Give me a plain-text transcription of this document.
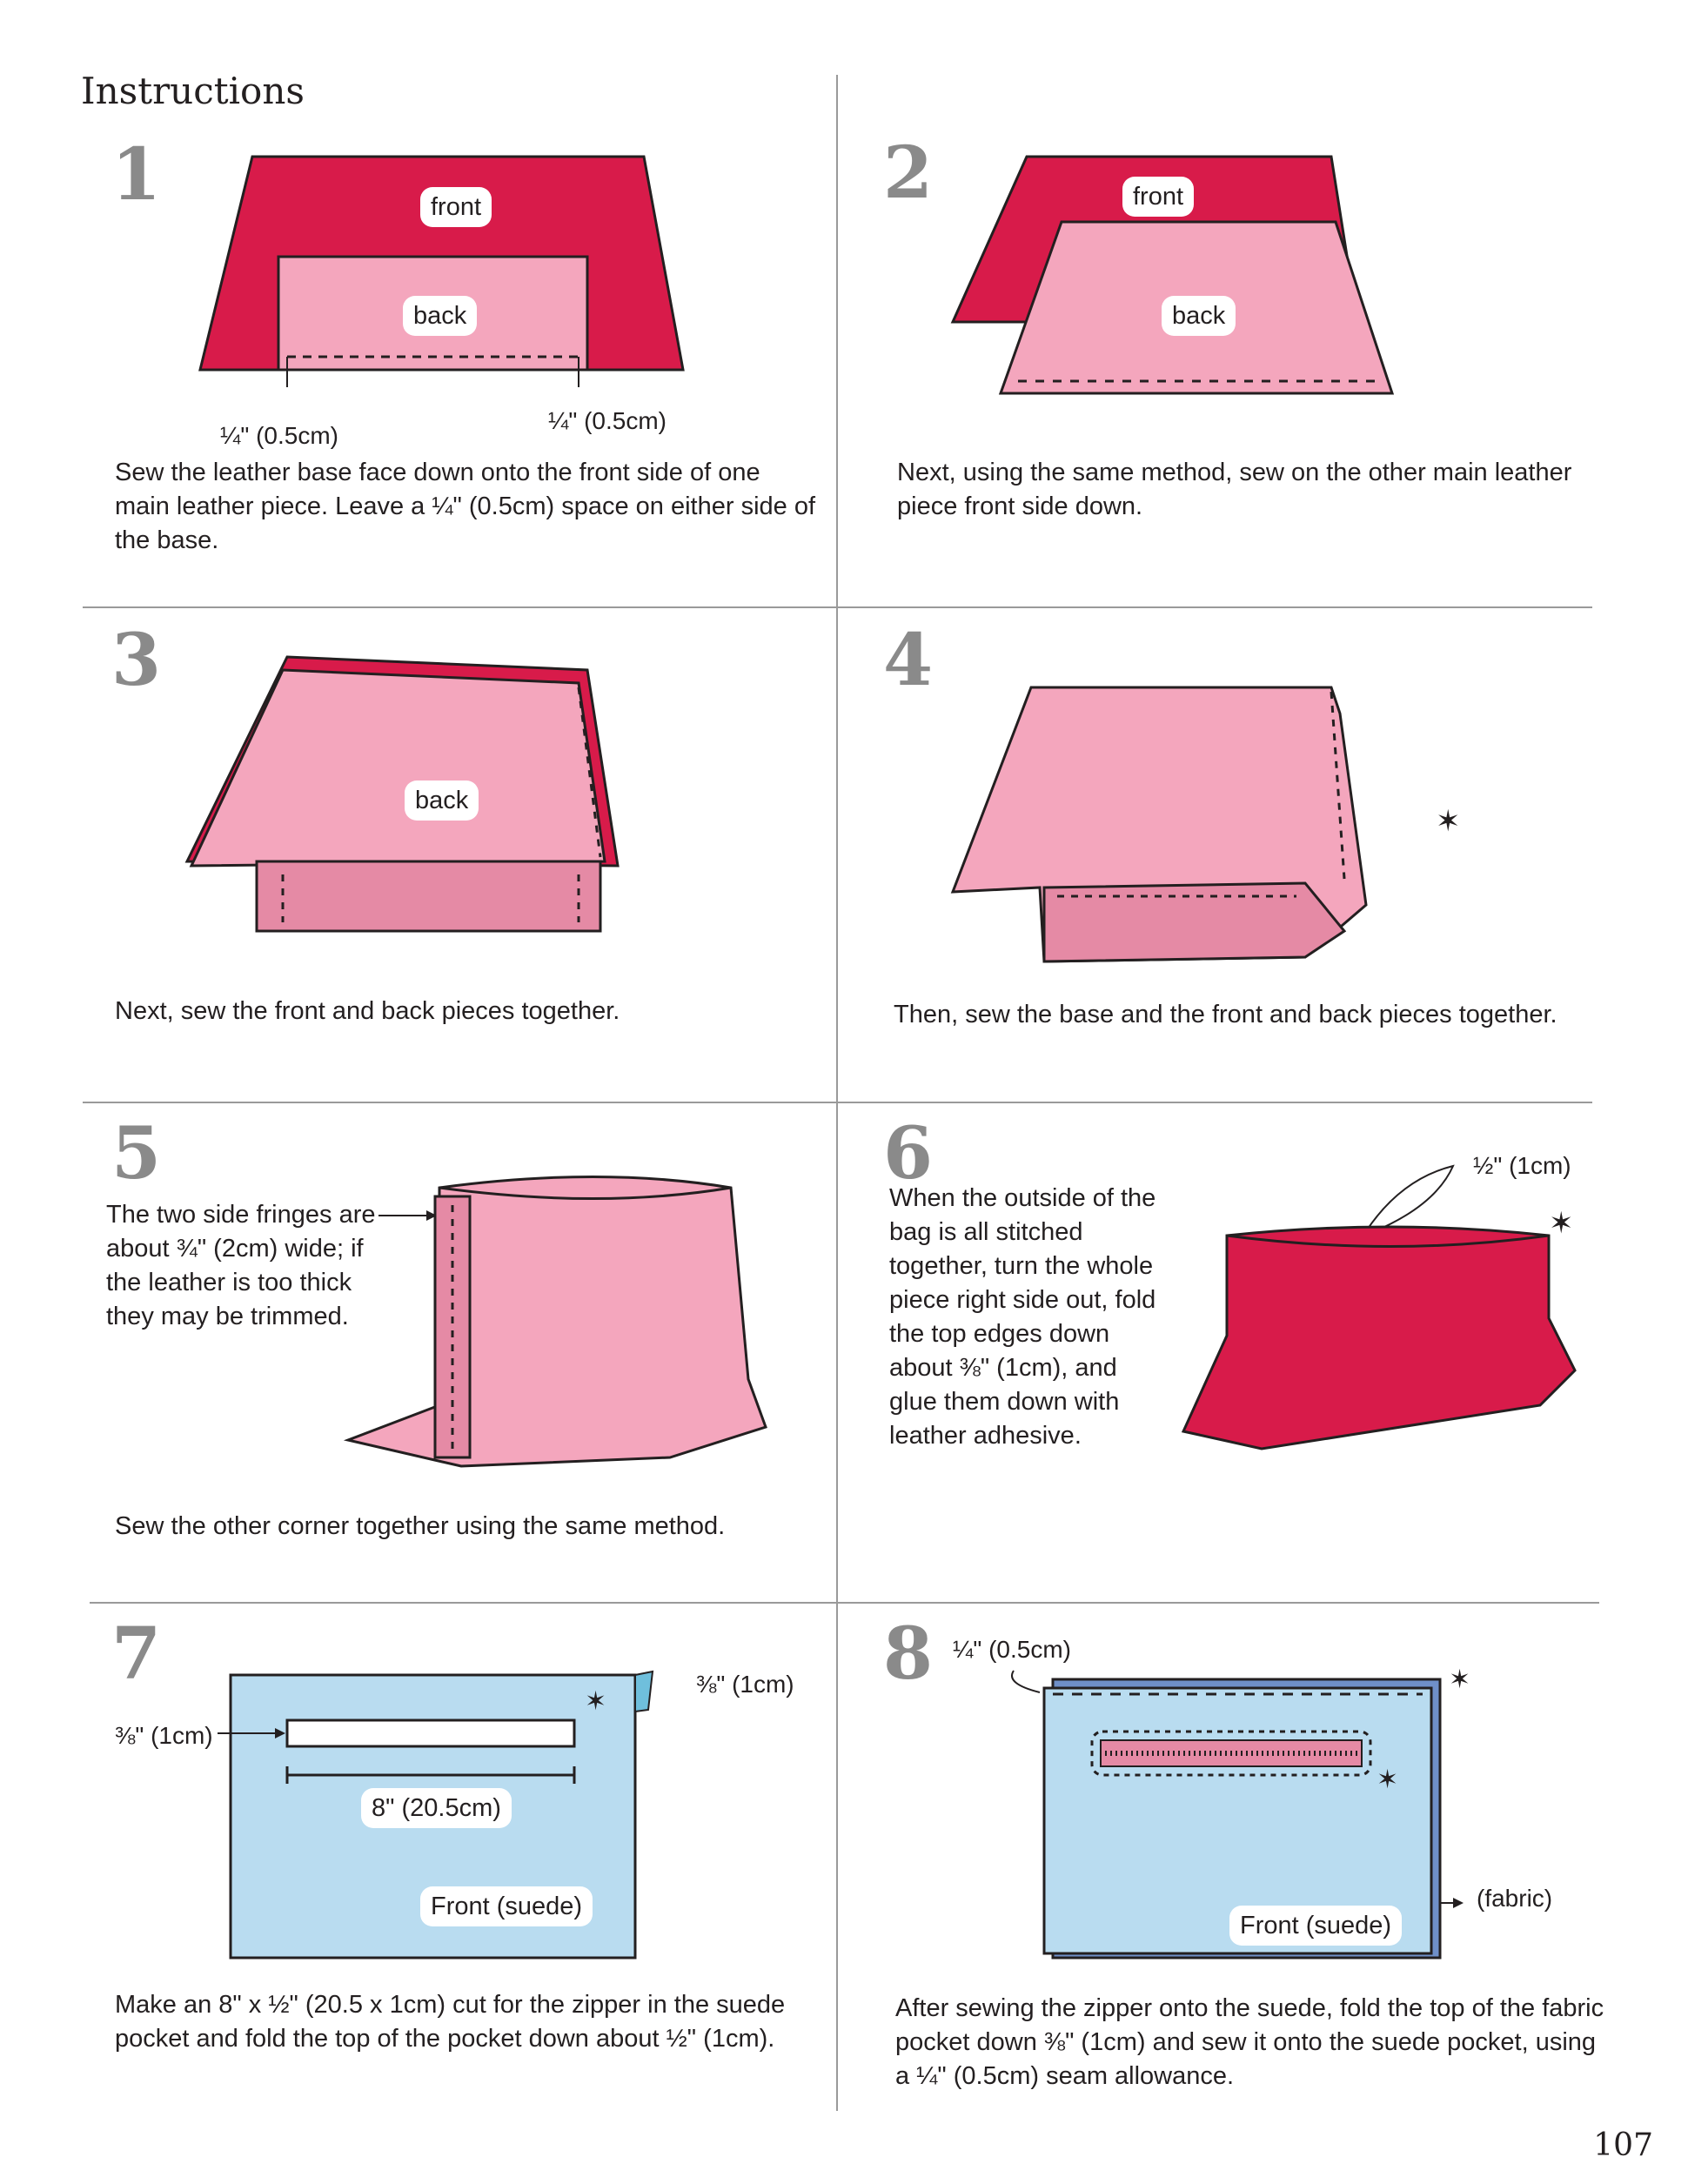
Instructions
1	front
back
¼" (0.5cm)
¼" (0.5cm)

Sew the leather base face down onto the front side of one main leather piece. Leave a ¼" (0.5cm) space on either side of the base.

2	front
back

Next, using the same method, sew on the other main leather piece front side down.

3
back

Next, sew the front and back pieces together.

4
✶

Then, sew the base and the front and back pieces together.

5

The two side fringes are about ¾" (2cm) wide; if the leather is too thick they may be trimmed.

Sew the other corner together using the same method.

6

When the outside of the bag is all stitched together, turn the whole piece right side out, fold the top edges down about ⅜" (1cm), and glue them down with leather adhesive.

½" (1cm)
✶
7
✶
⅜" (1cm)
⅜" (1cm)
8" (20.5cm)
Front (suede)

Make an 8" x ½" (20.5 x 1cm) cut for the zipper in the suede pocket and fold the top of the pocket down about ½" (1cm).

8 ¼" (0.5cm)
✶
✶
(fabric)
Front (suede)

After sewing the zipper onto the suede, fold the top of the fabric pocket down ⅜" (1cm) and sew it onto the suede pocket, using a ¼" (0.5cm) seam allowance.

107
